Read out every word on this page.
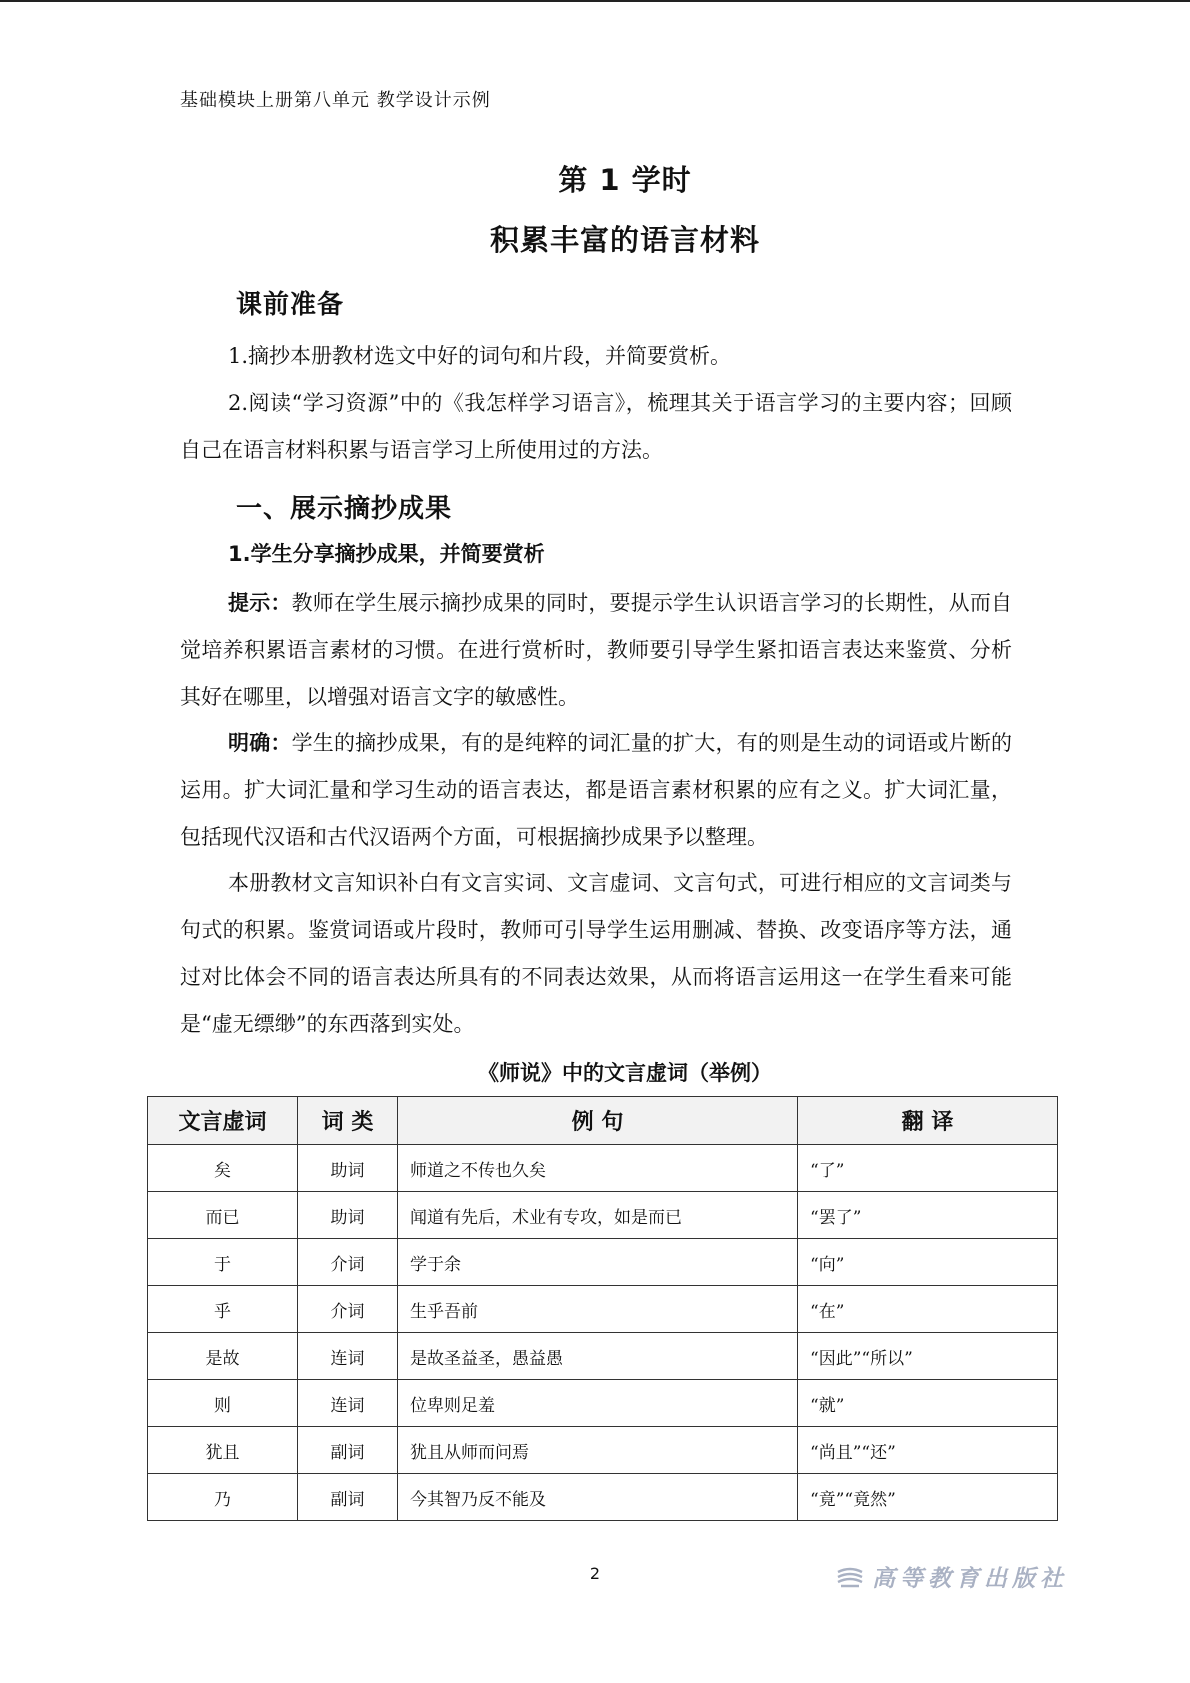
基础模块上册第八单元 教学设计示例
第 1 学时
积累丰富的语言材料
课前准备

1.摘抄本册教材选文中好的词句和片段，并简要赏析。

2.阅读“学习资源”中的《我怎样学习语言》，梳理其关于语言学习的主要内容；回顾自己在语言材料积累与语言学习上所使用过的方法。

一、展示摘抄成果
1.学生分享摘抄成果，并简要赏析

提示：教师在学生展示摘抄成果的同时，要提示学生认识语言学习的长期性，从而自觉培养积累语言素材的习惯。在进行赏析时，教师要引导学生紧扣语言表达来鉴赏、分析其好在哪里，以增强对语言文字的敏感性。

明确：学生的摘抄成果，有的是纯粹的词汇量的扩大，有的则是生动的词语或片断的运用。扩大词汇量和学习生动的语言表达，都是语言素材积累的应有之义。扩大词汇量，包括现代汉语和古代汉语两个方面，可根据摘抄成果予以整理。

本册教材文言知识补白有文言实词、文言虚词、文言句式，可进行相应的文言词类与句式的积累。鉴赏词语或片段时，教师可引导学生运用删减、替换、改变语序等方法，通过对比体会不同的语言表达所具有的不同表达效果，从而将语言运用这一在学生看来可能是“虚无缥缈”的东西落到实处。

《师说》中的文言虚词（举例）
文言虚词	词 类	例 句	翻 译
矣	助词	师道之不传也久矣	“了”
而已	助词	闻道有先后，术业有专攻，如是而已	“罢了”
于	介词	学于余	“向”
乎	介词	生乎吾前	“在”
是故	连词	是故圣益圣，愚益愚	“因此”“所以”
则	连词	位卑则足羞	“就”
犹且	副词	犹且从师而问焉	“尚且”“还”
乃	副词	今其智乃反不能及	“竟”“竟然”
2	高等教育出版社
